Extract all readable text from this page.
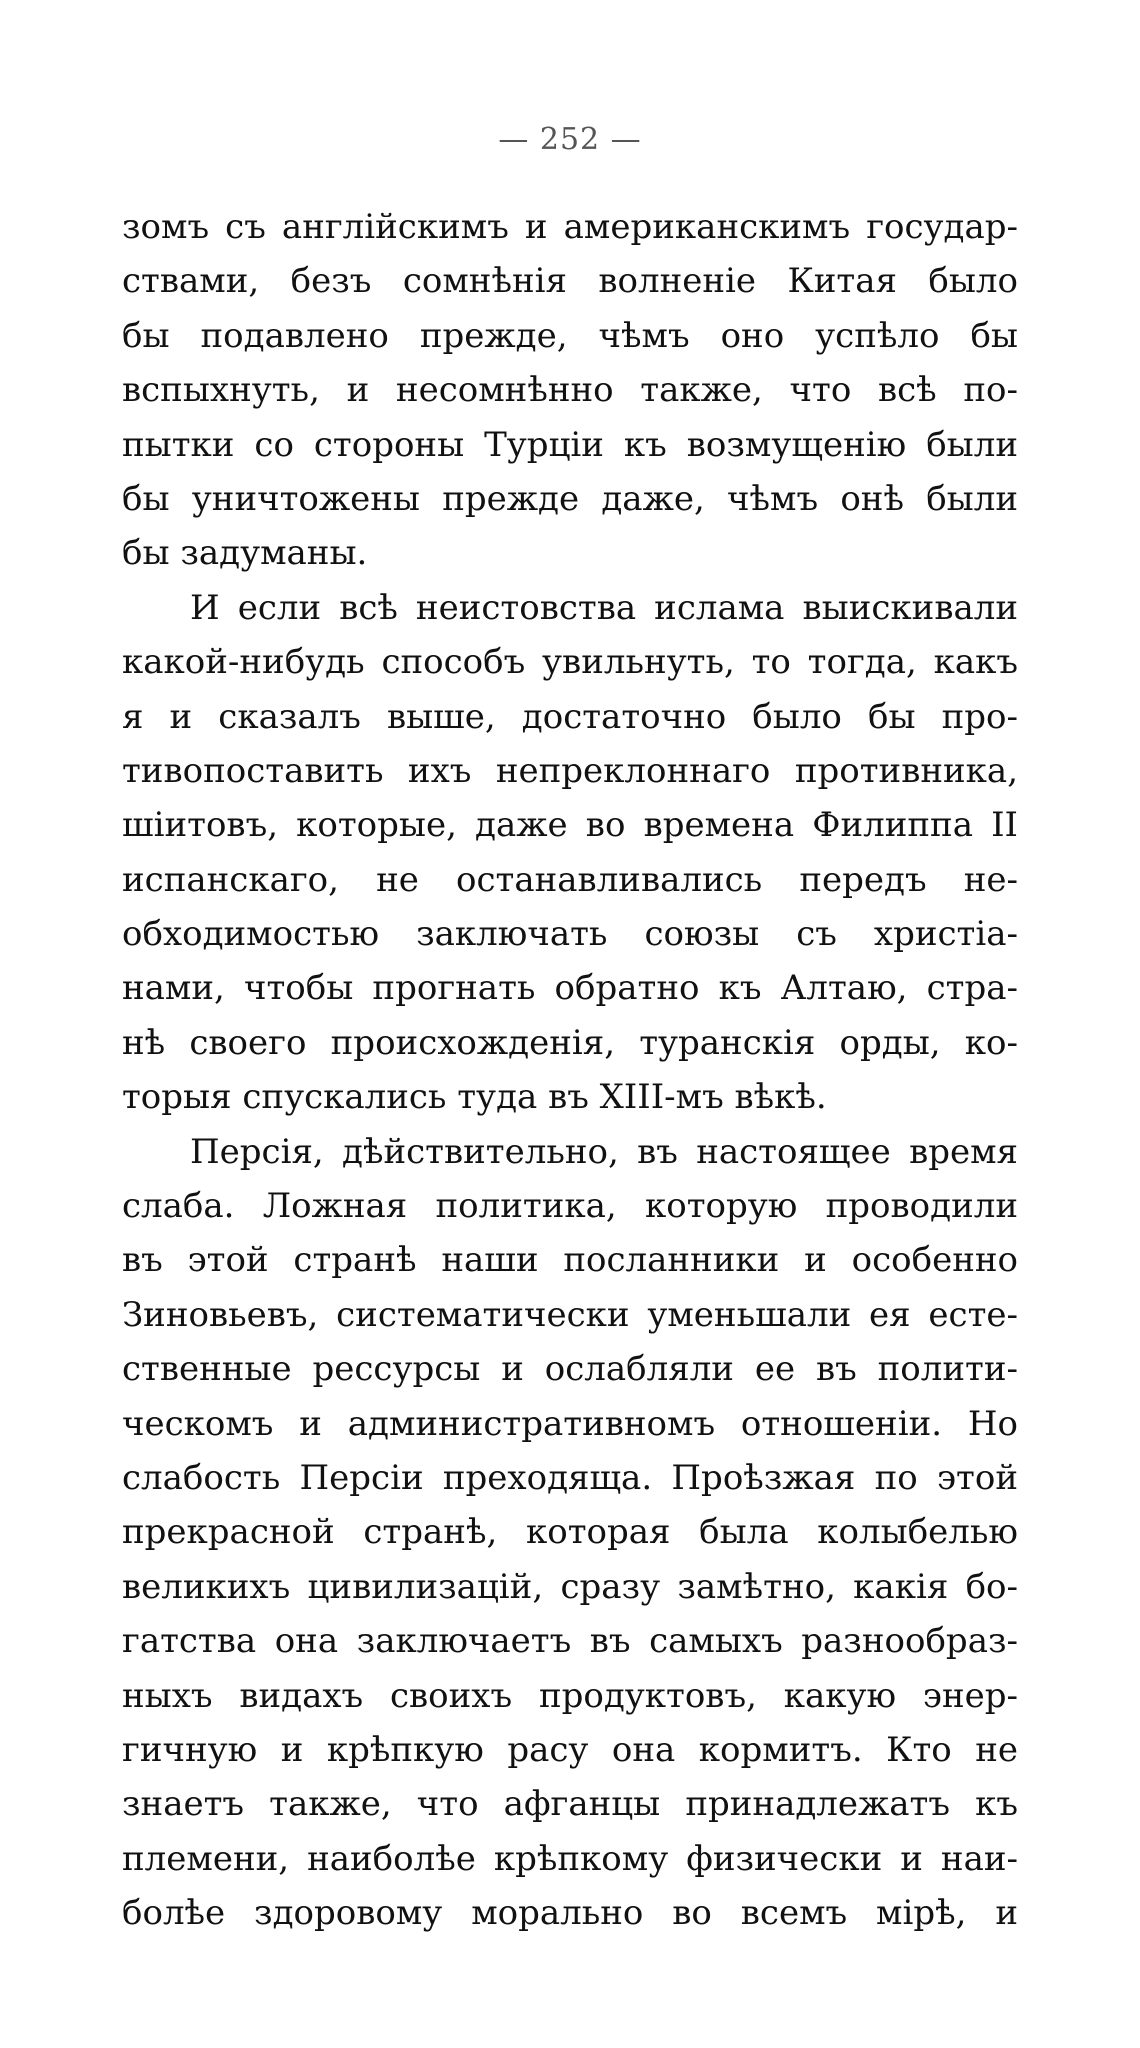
— 252 —
зомъ съ англійскимъ и американскимъ государ-
ствами, безъ сомнѣнія волненіе Китая было
бы подавлено прежде, чѣмъ оно успѣло бы
вспыхнуть, и несомнѣнно также, что всѣ по-
пытки со стороны Турціи къ возмущенію были
бы уничтожены прежде даже, чѣмъ онѣ были
бы задуманы.
И если всѣ неистовства ислама выискивали
какой-нибудь способъ увильнуть, то тогда, какъ
я и сказалъ выше, достаточно было бы про-
тивопоставить ихъ непреклоннаго противника,
шіитовъ, которые, даже во времена Филиппа II
испанскаго, не останавливались передъ не-
обходимостью заключать союзы съ христіа-
нами, чтобы прогнать обратно къ Алтаю, стра-
нѣ своего происхожденія, туранскія орды, ко-
торыя спускались туда въ XIII-мъ вѣкѣ.
Персія, дѣйствительно, въ настоящее время
слаба. Ложная политика, которую проводили
въ этой странѣ наши посланники и особенно
Зиновьевъ, систематически уменьшали ея есте-
ственные рессурсы и ослабляли ее въ полити-
ческомъ и административномъ отношеніи. Но
слабость Персіи преходяща. Проѣзжая по этой
прекрасной странѣ, которая была колыбелью
великихъ цивилизацій, сразу замѣтно, какія бо-
гатства она заключаетъ въ самыхъ разнообраз-
ныхъ видахъ своихъ продуктовъ, какую энер-
гичную и крѣпкую расу она кормитъ. Кто не
знаетъ также, что афганцы принадлежатъ къ
племени, наиболѣе крѣпкому физически и наи-
болѣе здоровому морально во всемъ мірѣ, и
